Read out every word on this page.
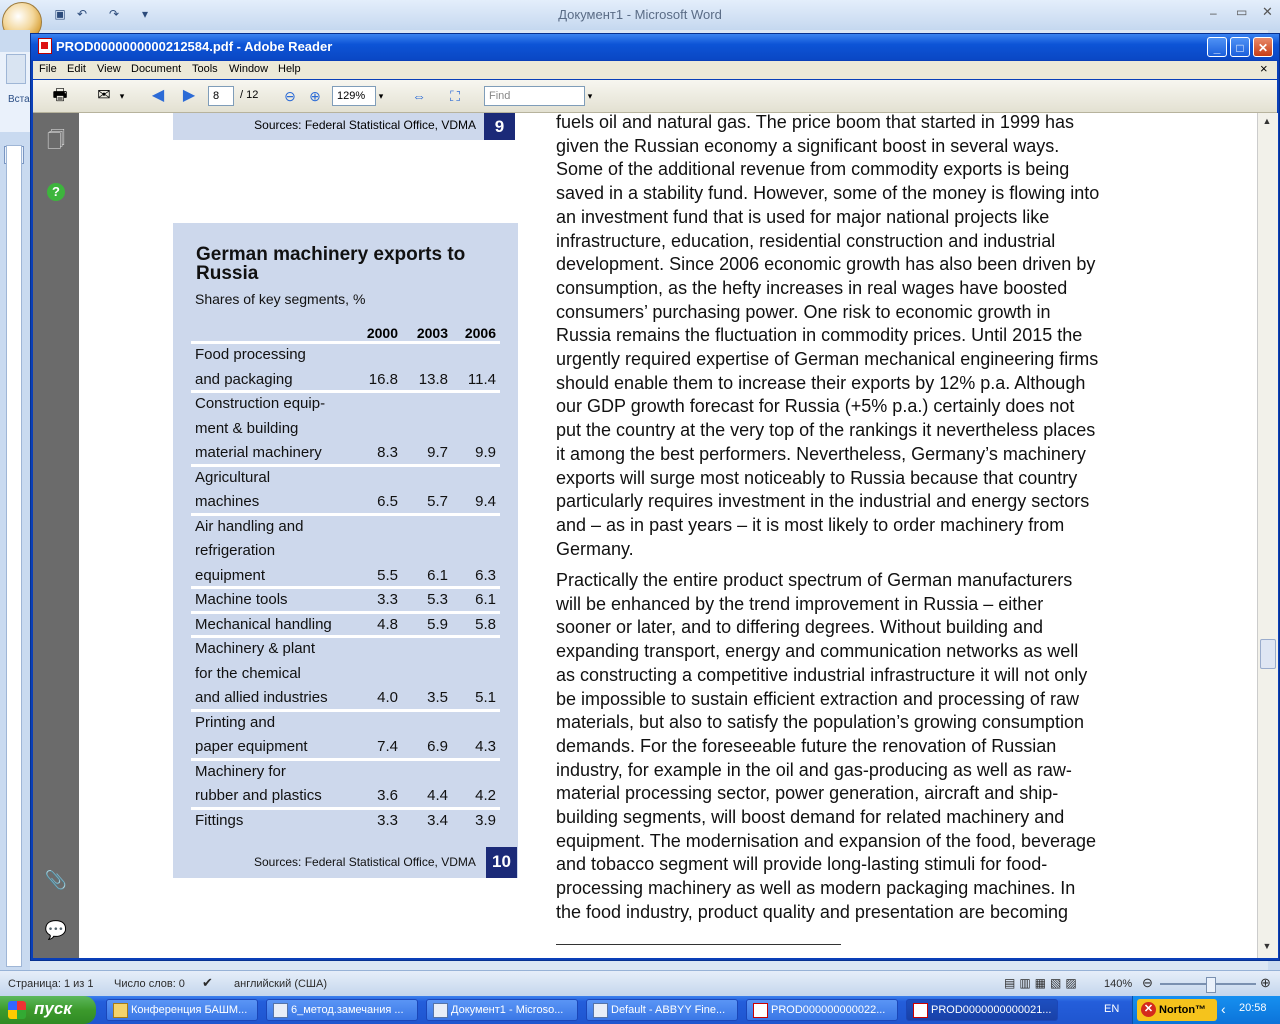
Документ1 - Microsoft Word
▣ ↶ ↷	▾	– ▭ ✕
Вста
PROD0000000000212584.pdf - Adobe Reader	_	□	✕
File Edit View Document Tools Window Help	×
🖶	✉	▾	◀	▶	8	/ 12 ⊖ ⊕	129%	▾ ⇔	⛶	Find	▾
🗍
?
📎
💬
▲
▼
Sources: Federal Statistical Office, VDMA	9
German machinery exports to Russia
Shares of key segments, %
2000	2003	2006
Food processing
and packaging	16.8	13.8	11.4
Construction equip-
ment & building
material machinery	8.3	9.7	9.9
Agricultural
machines	6.5	5.7	9.4
Air handling and
refrigeration
equipment	5.5	6.1	6.3
Machine tools	3.3	5.3	6.1
Mechanical handling	4.8	5.9	5.8
Machinery & plant
for the chemical
and allied industries	4.0	3.5	5.1
Printing and
paper equipment	7.4	6.9	4.3
Machinery for
rubber and plastics	3.6	4.4	4.2
Fittings	3.3	3.4	3.9
Sources: Federal Statistical Office, VDMA 10
fuels oil and natural gas. The price boom that started in 1999 has
given the Russian economy a significant boost in several ways.
Some of the additional revenue from commodity exports is being
saved in a stability fund. However, some of the money is flowing into
an investment fund that is used for major national projects like
infrastructure, education, residential construction and industrial
development. Since 2006 economic growth has also been driven by
consumption, as the hefty increases in real wages have boosted
consumers’ purchasing power. One risk to economic growth in
Russia remains the fluctuation in commodity prices. Until 2015 the
urgently required expertise of German mechanical engineering firms
should enable them to increase their exports by 12% p.a. Although
our GDP growth forecast for Russia (+5% p.a.) certainly does not
put the country at the very top of the rankings it nevertheless places
it among the best performers. Nevertheless, Germany’s machinery
exports will surge most noticeably to Russia because that country
particularly requires investment in the industrial and energy sectors
and – as in past years – it is most likely to order machinery from
Germany.
Practically the entire product spectrum of German manufacturers
will be enhanced by the trend improvement in Russia – either
sooner or later, and to differing degrees. Without building and
expanding transport, energy and communication networks as well
as constructing a competitive industrial infrastructure it will not only
be impossible to sustain efficient extraction and processing of raw
materials, but also to satisfy the population’s growing consumption
demands. For the foreseeable future the renovation of Russian
industry, for example in the oil and gas-producing as well as raw-
material processing sector, power generation, aircraft and ship-
building segments, will boost demand for related machinery and
equipment. The modernisation and expansion of the food, beverage
and tobacco segment will provide long-lasting stimuli for food-
processing machinery as well as modern packaging machines. In
the food industry, product quality and presentation are becoming
Страница: 1 из 1 Число слов: 0 ✔ английский (США)	▤▥▦▧▨ 140% ⊖	⊕
пуск	Конференция БАШМ...	6_метод.замечания ...	Документ1 - Microso...	Default - ABBYY Fine...	PROD000000000022...	PROD0000000000021...	EN ✕ Norton™	‹ 20:58
